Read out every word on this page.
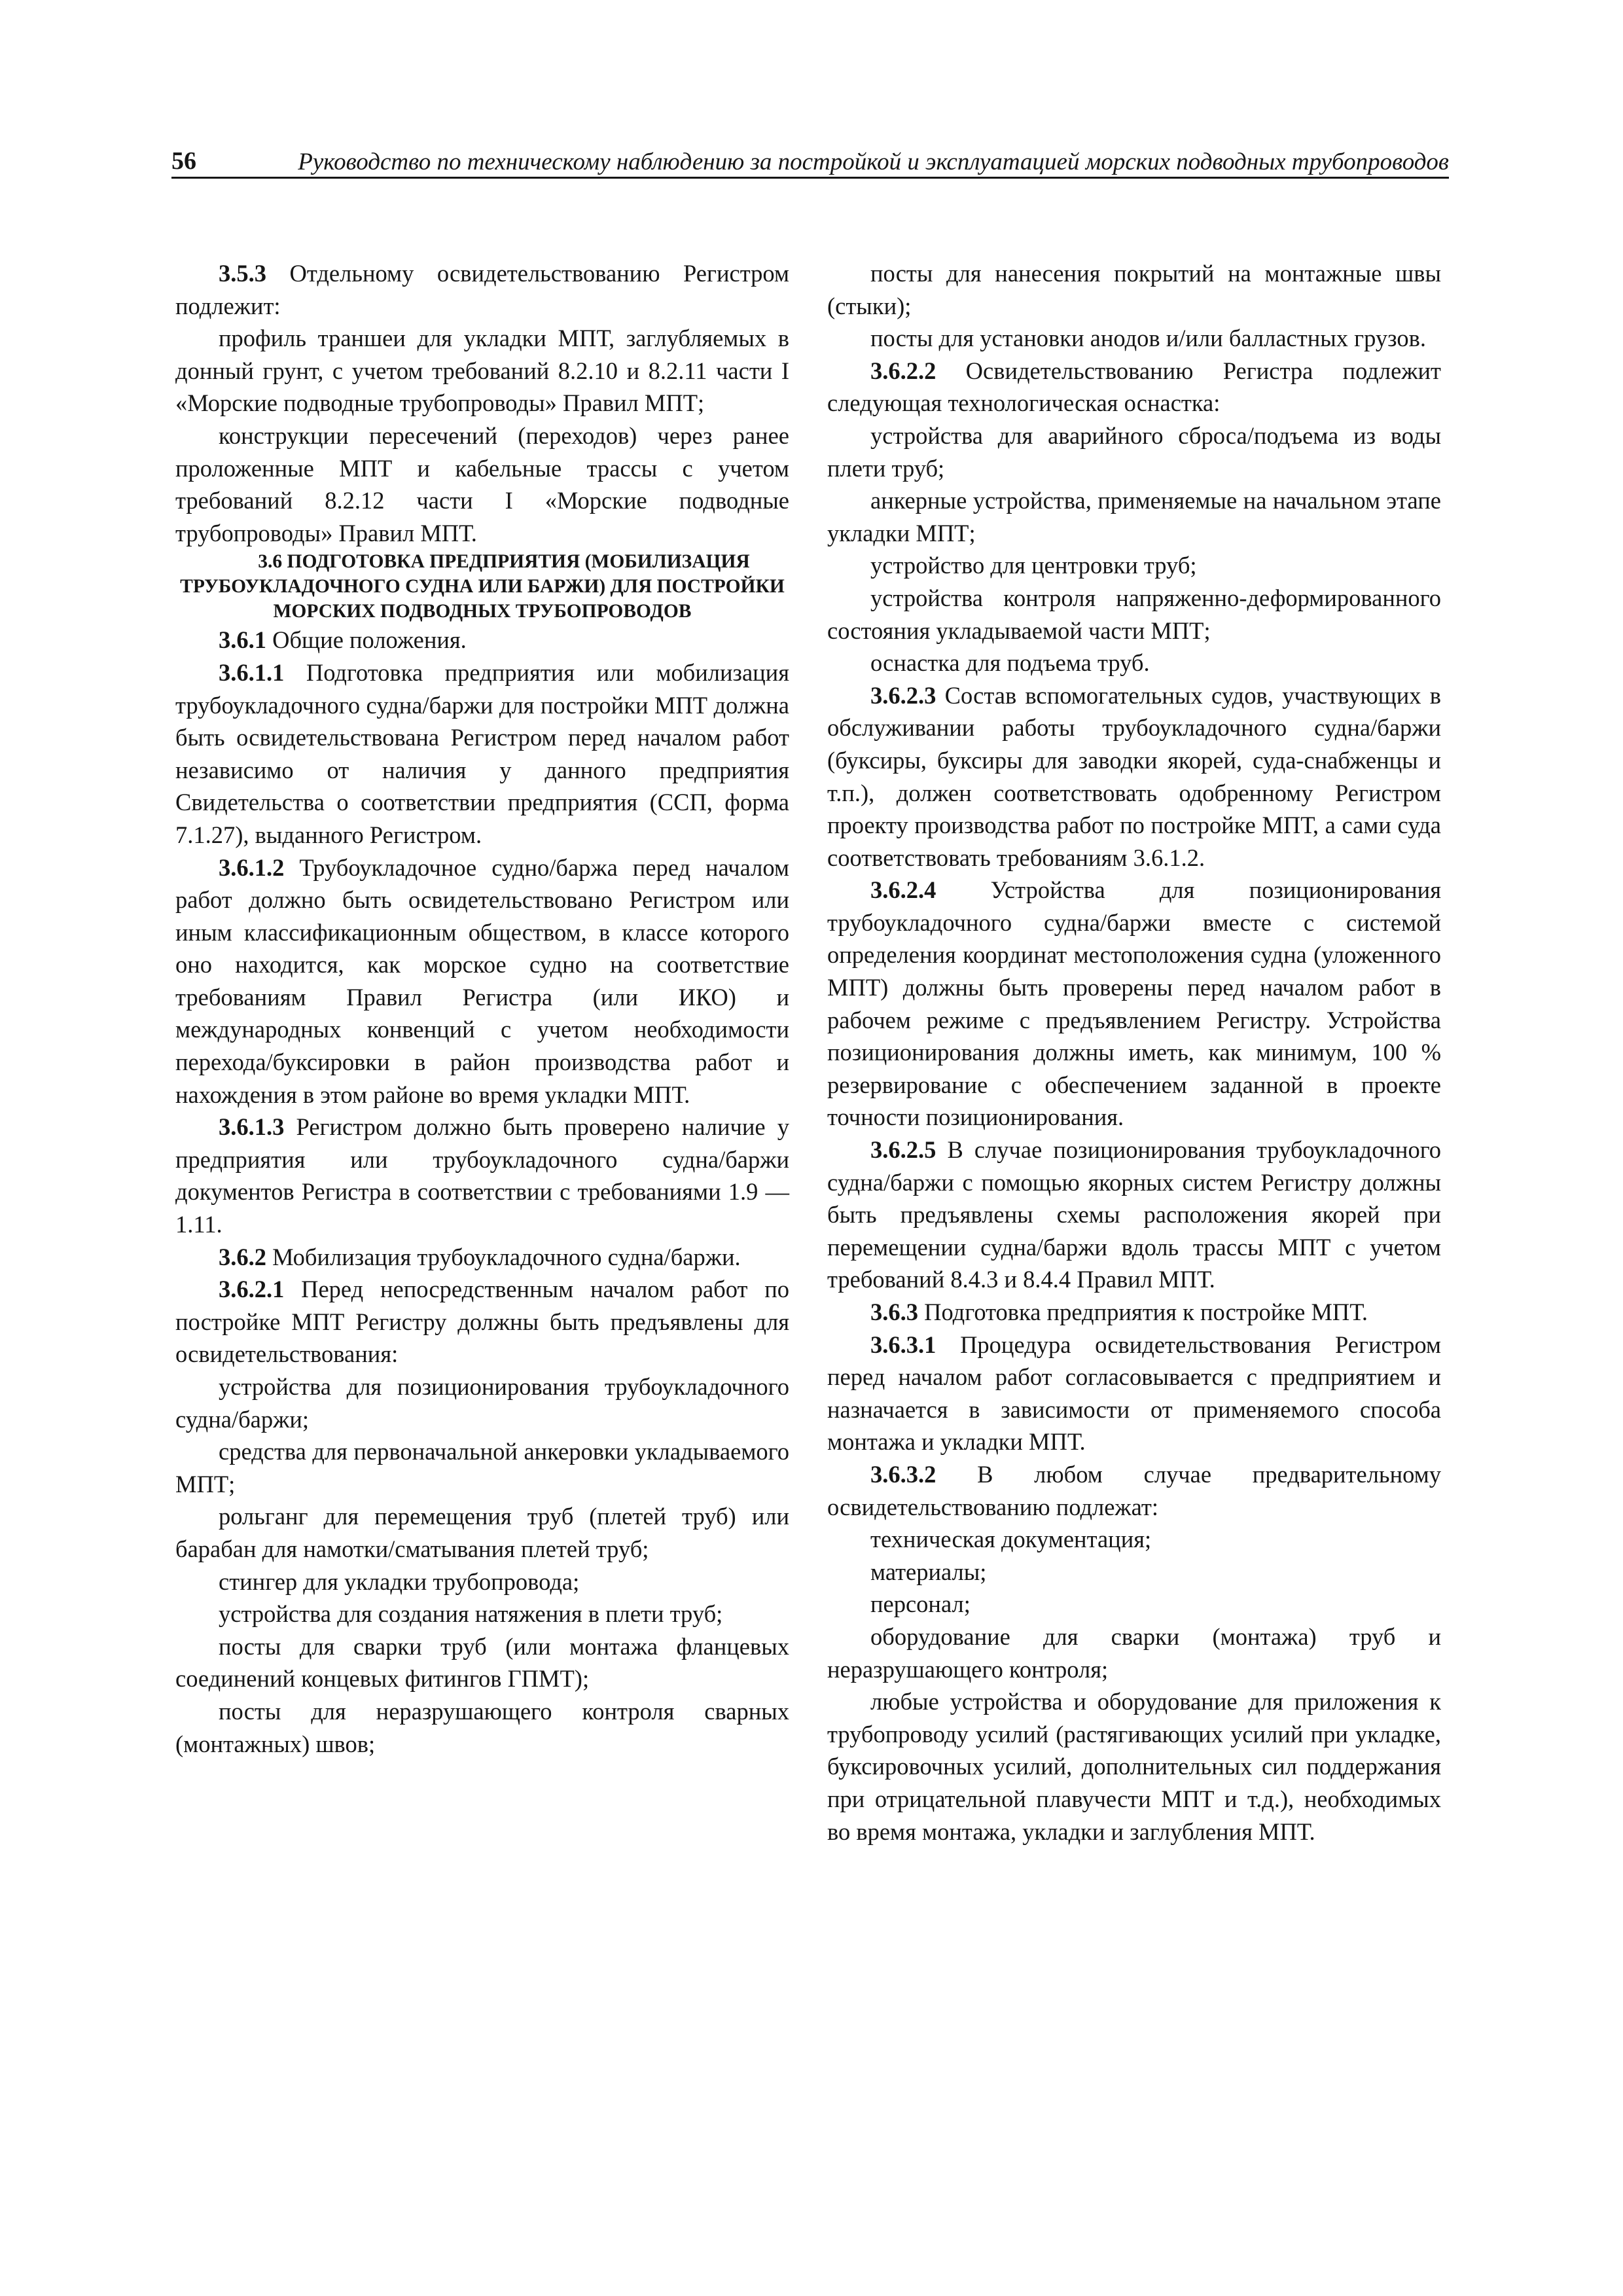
56	Руководство по техническому наблюдению за постройкой и эксплуатацией морских подводных трубопроводов

3.5.3 Отдельному освидетельствованию Регистром подлежит:

профиль траншеи для укладки МПТ, заглубляемых в донный грунт, с учетом требований 8.2.10 и 8.2.11 части I «Морские подводные трубопроводы» Правил МПТ;

конструкции пересечений (переходов) через ранее проложенные МПТ и кабельные трассы с учетом требований 8.2.12 части I «Морские подводные трубопроводы» Правил МПТ.

3.6 ПОДГОТОВКА ПРЕДПРИЯТИЯ (МОБИЛИЗАЦИЯ ТРУБОУКЛАДОЧНОГО СУДНА ИЛИ БАРЖИ) ДЛЯ ПОСТРОЙКИ МОРСКИХ ПОДВОДНЫХ ТРУБОПРОВОДОВ

3.6.1 Общие положения.

3.6.1.1 Подготовка предприятия или мобилизация трубоукладочного судна/баржи для постройки МПТ должна быть освидетельствована Регистром перед началом работ независимо от наличия у данного предприятия Свидетельства о соответствии предприятия (ССП, форма 7.1.27), выданного Регистром.

3.6.1.2 Трубоукладочное судно/баржа перед началом работ должно быть освидетельствовано Регистром или иным классификационным обществом, в классе которого оно находится, как морское судно на соответствие требованиям Правил Регистра (или ИКО) и международных конвенций с учетом необходимости перехода/буксировки в район производства работ и нахождения в этом районе во время укладки МПТ.

3.6.1.3 Регистром должно быть проверено наличие у предприятия или трубоукладочного судна/баржи документов Регистра в соответствии с требованиями 1.9 — 1.11.

3.6.2 Мобилизация трубоукладочного судна/баржи.

3.6.2.1 Перед непосредственным началом работ по постройке МПТ Регистру должны быть предъявлены для освидетельствования:

устройства для позиционирования трубоукладочного судна/баржи;

средства для первоначальной анкеровки укладываемого МПТ;

рольганг для перемещения труб (плетей труб) или барабан для намотки/сматывания плетей труб;

стингер для укладки трубопровода;

устройства для создания натяжения в плети труб;

посты для сварки труб (или монтажа фланцевых соединений концевых фитингов ГПМТ);

посты для неразрушающего контроля сварных (монтажных) швов;

посты для нанесения покрытий на монтажные швы (стыки);

посты для установки анодов и/или балластных грузов.

3.6.2.2 Освидетельствованию Регистра подлежит следующая технологическая оснастка:

устройства для аварийного сброса/подъема из воды плети труб;

анкерные устройства, применяемые на начальном этапе укладки МПТ;

устройство для центровки труб;

устройства контроля напряженно-деформированного состояния укладываемой части МПТ;

оснастка для подъема труб.

3.6.2.3 Состав вспомогательных судов, участвующих в обслуживании работы трубоукладочного судна/баржи (буксиры, буксиры для заводки якорей, суда-снабженцы и т.п.), должен соответствовать одобренному Регистром проекту производства работ по постройке МПТ, а сами суда соответствовать требованиям 3.6.1.2.

3.6.2.4 Устройства для позиционирования трубоукладочного судна/баржи вместе с системой определения координат местоположения судна (уложенного МПТ) должны быть проверены перед началом работ в рабочем режиме с предъявлением Регистру. Устройства позиционирования должны иметь, как минимум, 100 % резервирование с обеспечением заданной в проекте точности позиционирования.

3.6.2.5 В случае позиционирования трубоукладочного судна/баржи с помощью якорных систем Регистру должны быть предъявлены схемы расположения якорей при перемещении судна/баржи вдоль трассы МПТ с учетом требований 8.4.3 и 8.4.4 Правил МПТ.

3.6.3 Подготовка предприятия к постройке МПТ.

3.6.3.1 Процедура освидетельствования Регистром перед началом работ согласовывается с предприятием и назначается в зависимости от применяемого способа монтажа и укладки МПТ.

3.6.3.2 В любом случае предварительному освидетельствованию подлежат:

техническая документация;

материалы;

персонал;

оборудование для сварки (монтажа) труб и неразрушающего контроля;

любые устройства и оборудование для приложения к трубопроводу усилий (растягивающих усилий при укладке, буксировочных усилий, дополнительных сил поддержания при отрицательной плавучести МПТ и т.д.), необходимых во время монтажа, укладки и заглубления МПТ.
